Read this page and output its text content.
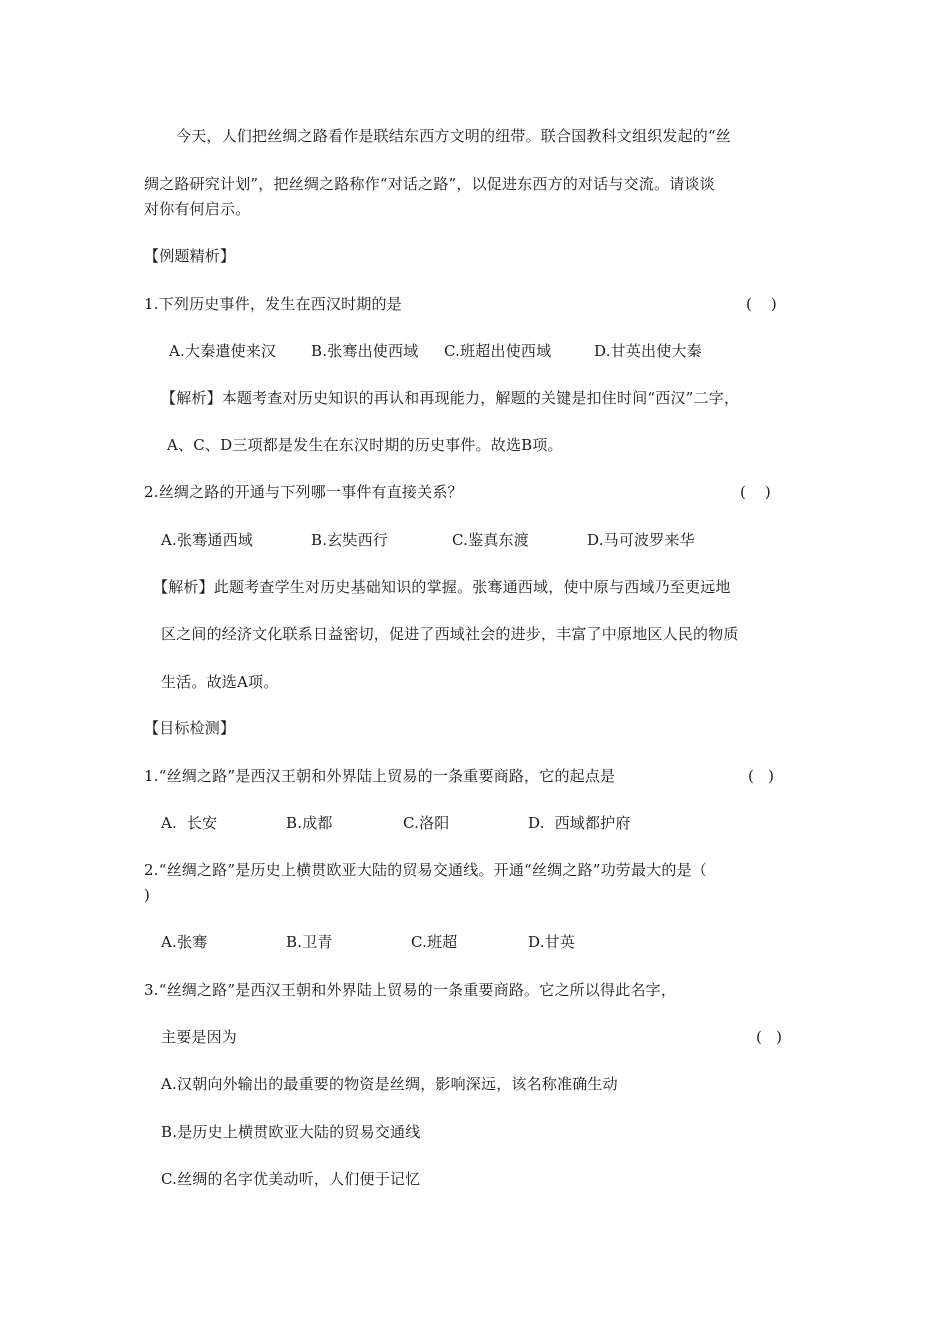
今天，人们把丝绸之路看作是联结东西方文明的纽带。联合国教科文组织发起的“丝
绸之路研究计划”，把丝绸之路称作“对话之路”，以促进东西方的对话与交流。请谈谈
对你有何启示。
【例题精析】
1.下列历史事件，发生在西汉时期的是	(    )
A.大秦遣使来汉 B.张骞出使西域 C.班超出使西域	D.甘英出使大秦
【解析】本题考查对历史知识的再认和再现能力，解题的关键是扣住时间“西汉”二字，
A、C、D三项都是发生在东汉时期的历史事件。故选B项。
2.丝绸之路的开通与下列哪一事件有直接关系？	(    )
A.张骞通西域	B.玄奘西行	C.鉴真东渡	D.马可波罗来华
【解析】此题考查学生对历史基础知识的掌握。张骞通西域，使中原与西域乃至更远地
区之间的经济文化联系日益密切，促进了西域社会的进步，丰富了中原地区人民的物质
生活。故选A项。
【目标检测】
1.“丝绸之路”是西汉王朝和外界陆上贸易的一条重要商路，它的起点是	(   )
A.  长安	B.成都	C.洛阳	D.  西域都护府
2.“丝绸之路”是历史上横贯欧亚大陆的贸易交通线。开通“丝绸之路”功劳最大的是（
)
A.张骞	B.卫青	C.班超	D.甘英
3.“丝绸之路”是西汉王朝和外界陆上贸易的一条重要商路。它之所以得此名字，
主要是因为	(   )
A.汉朝向外输出的最重要的物资是丝绸，影响深远，该名称准确生动
B.是历史上横贯欧亚大陆的贸易交通线
C.丝绸的名字优美动听，人们便于记忆
